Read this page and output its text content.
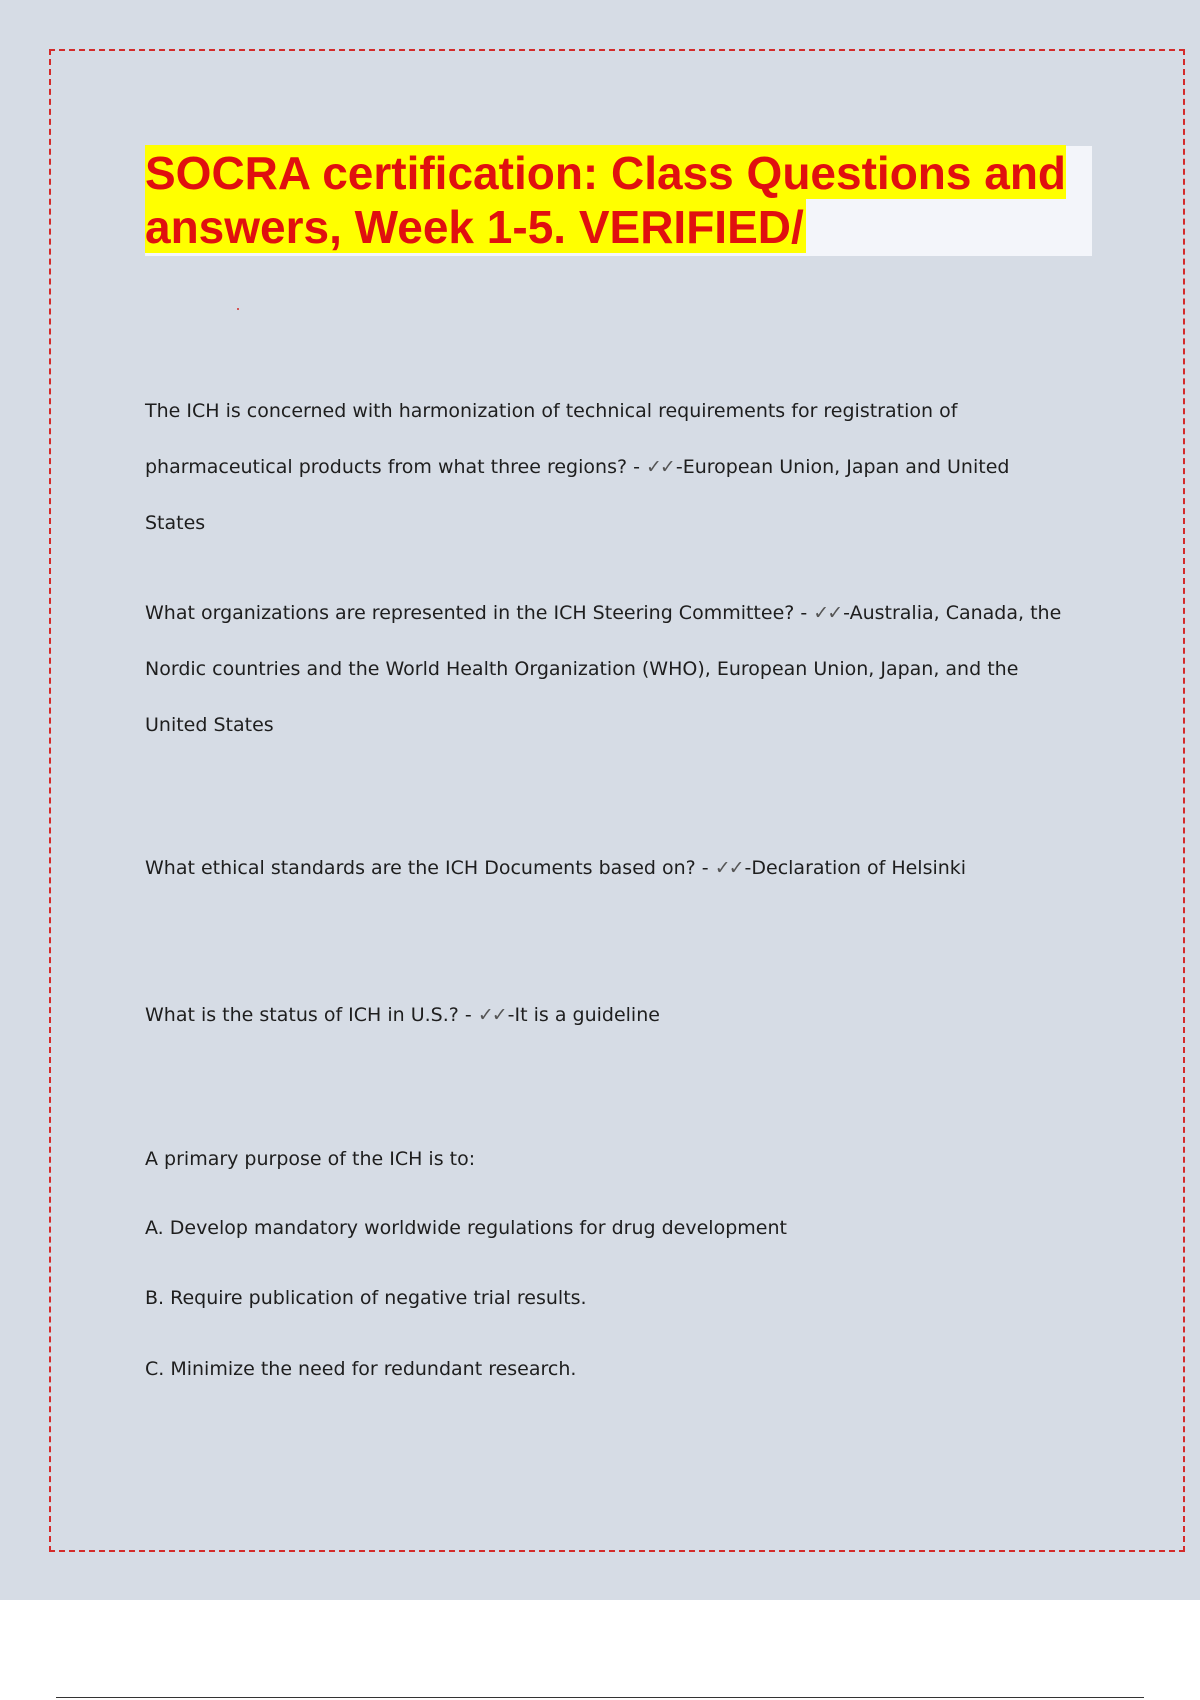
SOCRA certification: Class Questions and answers, Week 1-5. VERIFIED/

The ICH is concerned with harmonization of technical requirements for registration of pharmaceutical products from what three regions? - ✓✓ -European Union, Japan and United States

What organizations are represented in the ICH Steering Committee? - ✓✓ -Australia, Canada, the Nordic countries and the World Health Organization (WHO), European Union, Japan, and the United States

What ethical standards are the ICH Documents based on? - ✓✓ -Declaration of Helsinki

What is the status of ICH in U.S.? - ✓✓ -It is a guideline

A primary purpose of the ICH is to:

A. Develop mandatory worldwide regulations for drug development

B. Require publication of negative trial results.

C. Minimize the need for redundant research.
